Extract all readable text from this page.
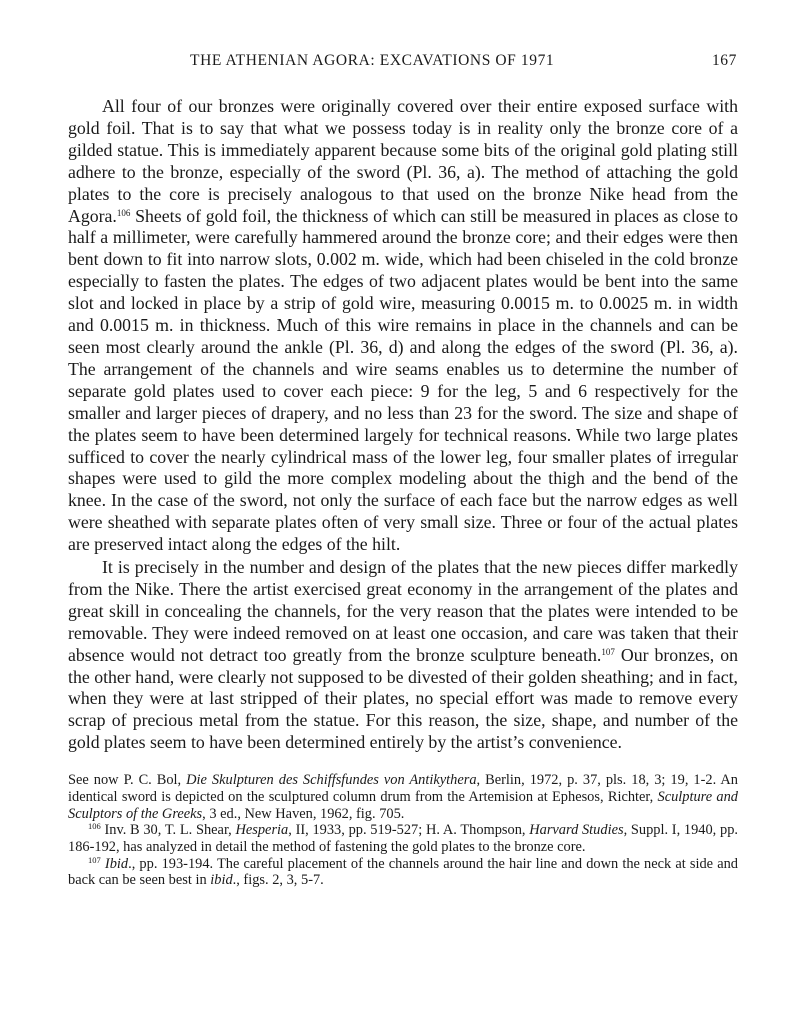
THE ATHENIAN AGORA: EXCAVATIONS OF 1971	167

All four of our bronzes were originally covered over their entire exposed surface with gold foil. That is to say that what we possess today is in reality only the bronze core of a gilded statue. This is immediately apparent because some bits of the original gold plating still adhere to the bronze, especially of the sword (Pl. 36, a). The method of attaching the gold plates to the core is precisely analogous to that used on the bronze Nike head from the Agora.$^{106}$ Sheets of gold foil, the thickness of which can still be measured in places as close to half a millimeter, were carefully hammered around the bronze core; and their edges were then bent down to fit into narrow slots, 0.002 m. wide, which had been chiseled in the cold bronze especially to fasten the plates. The edges of two adjacent plates would be bent into the same slot and locked in place by a strip of gold wire, measuring 0.0015 m. to 0.0025 m. in width and 0.0015 m. in thickness. Much of this wire remains in place in the channels and can be seen most clearly around the ankle (Pl. 36, d) and along the edges of the sword (Pl. 36, a). The arrangement of the channels and wire seams enables us to determine the number of separate gold plates used to cover each piece: 9 for the leg, 5 and 6 respectively for the smaller and larger pieces of drapery, and no less than 23 for the sword. The size and shape of the plates seem to have been determined largely for technical reasons. While two large plates sufficed to cover the nearly cylindrical mass of the lower leg, four smaller plates of irregular shapes were used to gild the more complex modeling about the thigh and the bend of the knee. In the case of the sword, not only the surface of each face but the narrow edges as well were sheathed with separate plates often of very small size. Three or four of the actual plates are preserved intact along the edges of the hilt.

It is precisely in the number and design of the plates that the new pieces differ markedly from the Nike. There the artist exercised great economy in the arrangement of the plates and great skill in concealing the channels, for the very reason that the plates were intended to be removable. They were indeed removed on at least one occasion, and care was taken that their absence would not detract too greatly from the bronze sculpture beneath.$^{107}$ Our bronzes, on the other hand, were clearly not supposed to be divested of their golden sheathing; and in fact, when they were at last stripped of their plates, no special effort was made to remove every scrap of precious metal from the statue. For this reason, the size, shape, and number of the gold plates seem to have been determined entirely by the artist’s convenience.

See now P. C. Bol, Die Skulpturen des Schiffsfundes von Antikythera, Berlin, 1972, p. 37, pls. 18, 3; 19, 1-2. An identical sword is depicted on the sculptured column drum from the Artemision at Ephesos, Richter, Sculpture and Sculptors of the Greeks, 3 ed., New Haven, 1962, fig. 705.

$^{106}$ Inv. B 30, T. L. Shear, Hesperia, II, 1933, pp. 519-527; H. A. Thompson, Harvard Studies, Suppl. I, 1940, pp. 186-192, has analyzed in detail the method of fastening the gold plates to the bronze core.

$^{107}$ Ibid., pp. 193-194. The careful placement of the channels around the hair line and down the neck at side and back can be seen best in ibid., figs. 2, 3, 5-7.
